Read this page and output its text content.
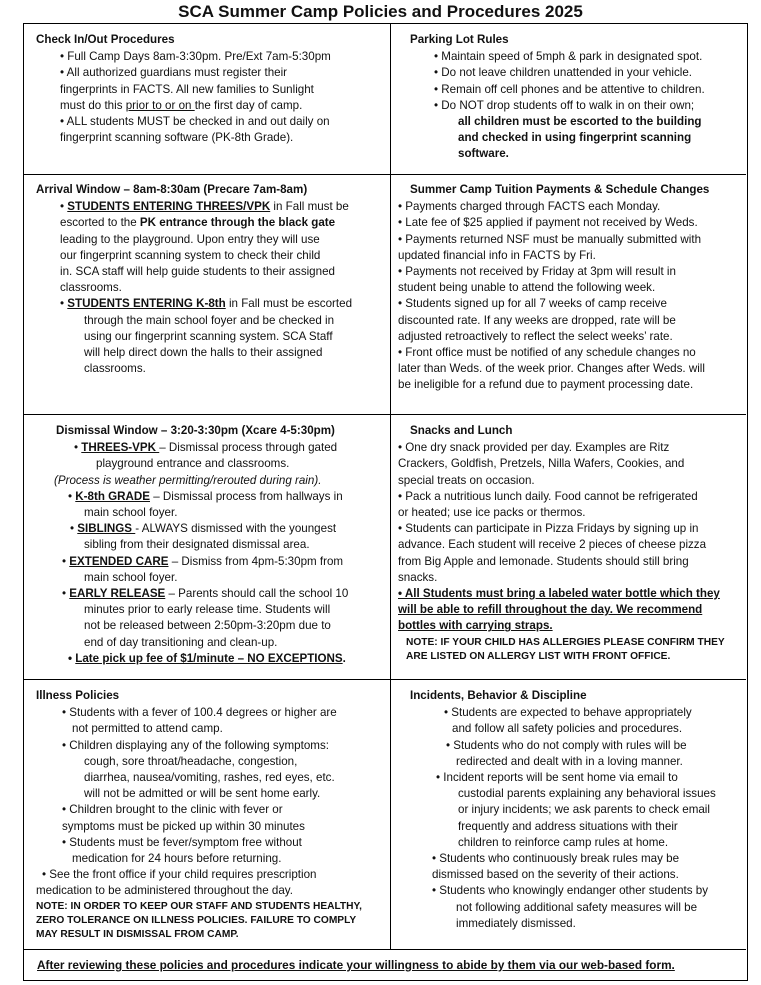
SCA Summer Camp Policies and Procedures 2025

Check In/Out Procedures

• Full Camp Days 8am-3:30pm. Pre/Ext 7am-5:30pm

• All authorized guardians must register their

fingerprints in FACTS. All new families to Sunlight

must do this prior to or on the first day of camp.

• ALL students MUST be checked in and out daily on

fingerprint scanning software (PK-8th Grade).

Parking Lot Rules

• Maintain speed of 5mph & park in designated spot.

• Do not leave children unattended in your vehicle.

• Remain off cell phones and be attentive to children.

• Do NOT drop students off to walk in on their own;

all children must be escorted to the building

and checked in using fingerprint scanning

software.

Arrival Window – 8am-8:30am (Precare 7am-8am)

• STUDENTS ENTERING THREES/VPK in Fall must be

escorted to the PK entrance through the black gate

leading to the playground. Upon entry they will use

our fingerprint scanning system to check their child

in. SCA staff will help guide students to their assigned

classrooms.

• STUDENTS ENTERING K-8th in Fall must be escorted

through the main school foyer and be checked in

using our fingerprint scanning system. SCA Staff

will help direct down the halls to their assigned

classrooms.

Summer Camp Tuition Payments & Schedule Changes

• Payments charged through FACTS each Monday.

• Late fee of $25 applied if payment not received by Weds.

• Payments returned NSF must be manually submitted with

updated financial info in FACTS by Fri.

• Payments not received by Friday at 3pm will result in

student being unable to attend the following week.

• Students signed up for all 7 weeks of camp receive

discounted rate. If any weeks are dropped, rate will be

adjusted retroactively to reflect the select weeks’ rate.

• Front office must be notified of any schedule changes no

later than Weds. of the week prior. Changes after Weds. will

be ineligible for a refund due to payment processing date.

Dismissal Window – 3:20-3:30pm (Xcare 4-5:30pm)

• THREES-VPK – Dismissal process through gated

playground entrance and classrooms.

(Process is weather permitting/rerouted during rain).

• K-8th GRADE – Dismissal process from hallways in

main school foyer.

• SIBLINGS - ALWAYS dismissed with the youngest

sibling from their designated dismissal area.

• EXTENDED CARE – Dismiss from 4pm-5:30pm from

main school foyer.

• EARLY RELEASE – Parents should call the school 10

minutes prior to early release time. Students will

not be released between 2:50pm-3:20pm due to

end of day transitioning and clean-up.

• Late pick up fee of $1/minute – NO EXCEPTIONS.

Snacks and Lunch

• One dry snack provided per day. Examples are Ritz

Crackers, Goldfish, Pretzels, Nilla Wafers, Cookies, and

special treats on occasion.

• Pack a nutritious lunch daily. Food cannot be refrigerated

or heated; use ice packs or thermos.

• Students can participate in Pizza Fridays by signing up in

advance. Each student will receive 2 pieces of cheese pizza

from Big Apple and lemonade. Students should still bring

snacks.

• All Students must bring a labeled water bottle which they

will be able to refill throughout the day. We recommend

bottles with carrying straps.

NOTE: IF YOUR CHILD HAS ALLERGIES PLEASE CONFIRM THEY

ARE LISTED ON ALLERGY LIST WITH FRONT OFFICE.

Illness Policies

• Students with a fever of 100.4 degrees or higher are

not permitted to attend camp.

• Children displaying any of the following symptoms:

cough, sore throat/headache, congestion,

diarrhea, nausea/vomiting, rashes, red eyes, etc.

will not be admitted or will be sent home early.

• Children brought to the clinic with fever or

symptoms must be picked up within 30 minutes

• Students must be fever/symptom free without

medication for 24 hours before returning.

• See the front office if your child requires prescription

medication to be administered throughout the day.

NOTE: IN ORDER TO KEEP OUR STAFF AND STUDENTS HEALTHY,

ZERO TOLERANCE ON ILLNESS POLICIES. FAILURE TO COMPLY

MAY RESULT IN DISMISSAL FROM CAMP.

Incidents, Behavior & Discipline

• Students are expected to behave appropriately

and follow all safety policies and procedures.

• Students who do not comply with rules will be

redirected and dealt with in a loving manner.

• Incident reports will be sent home via email to

custodial parents explaining any behavioral issues

or injury incidents; we ask parents to check email

frequently and address situations with their

children to reinforce camp rules at home.

• Students who continuously break rules may be

dismissed based on the severity of their actions.

• Students who knowingly endanger other students by

not following additional safety measures will be

immediately dismissed.

After reviewing these policies and procedures indicate your willingness to abide by them via our web-based form.
